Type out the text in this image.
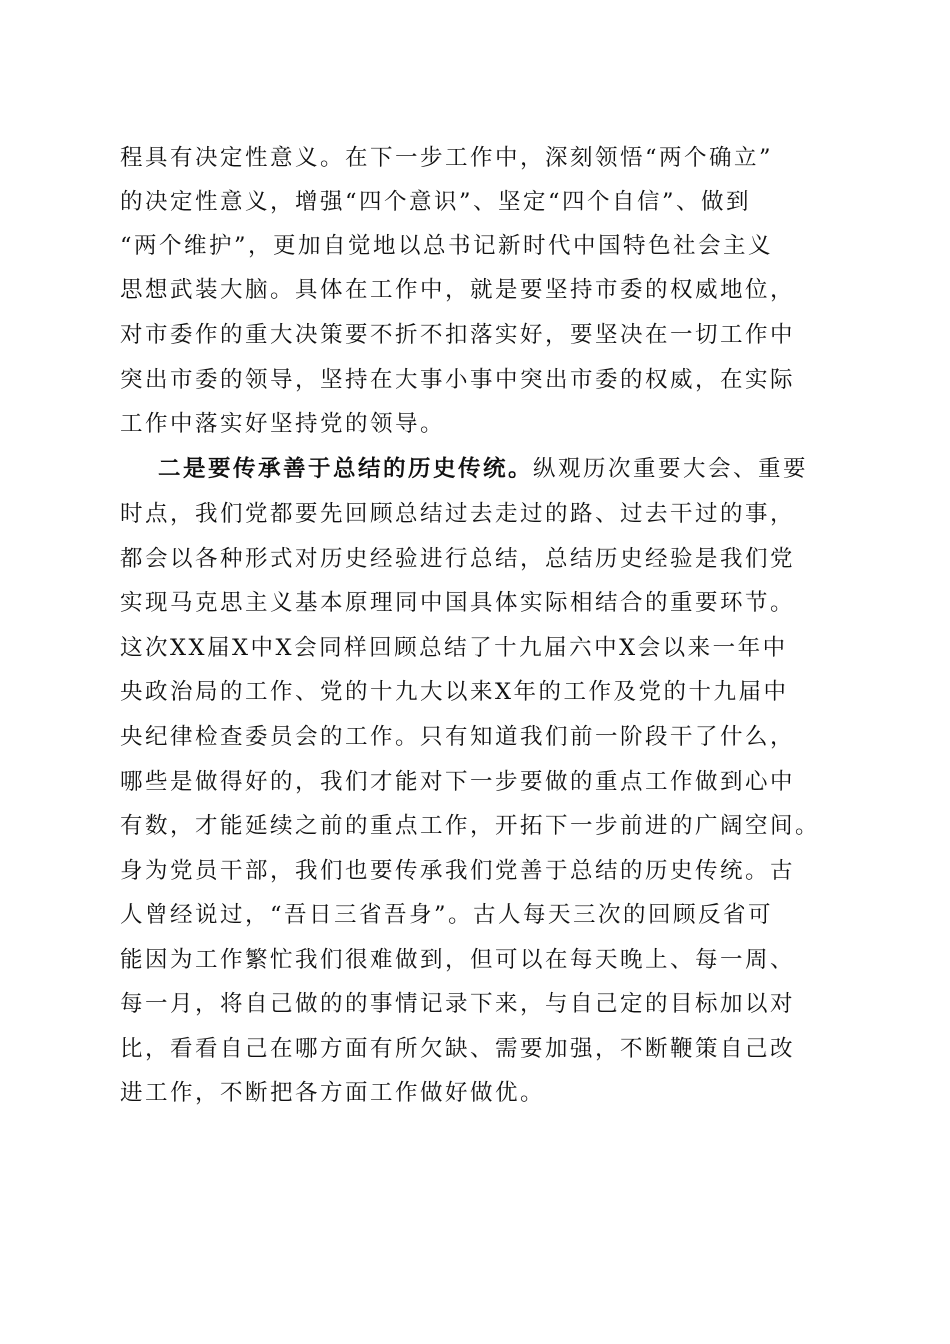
程具有决定性意义。在下一步工作中，深刻领悟“两个确立”
的决定性意义，增强“四个意识”、坚定“四个自信”、做到
“两个维护”，更加自觉地以总书记新时代中国特色社会主义
思想武装大脑。具体在工作中，就是要坚持市委的权威地位，
对市委作的重大决策要不折不扣落实好，要坚决在一切工作中
突出市委的领导，坚持在大事小事中突出市委的权威，在实际
工作中落实好坚持党的领导。
二是要传承善于总结的历史传统。纵观历次重要大会、重要
时点，我们党都要先回顾总结过去走过的路、过去干过的事，
都会以各种形式对历史经验进行总结，总结历史经验是我们党
实现马克思主义基本原理同中国具体实际相结合的重要环节。
这次XX届X中X会同样回顾总结了十九届六中X会以来一年中
央政治局的工作、党的十九大以来X年的工作及党的十九届中
央纪律检查委员会的工作。只有知道我们前一阶段干了什么，
哪些是做得好的，我们才能对下一步要做的重点工作做到心中
有数，才能延续之前的重点工作，开拓下一步前进的广阔空间。
身为党员干部，我们也要传承我们党善于总结的历史传统。古
人曾经说过，“吾日三省吾身”。古人每天三次的回顾反省可
能因为工作繁忙我们很难做到，但可以在每天晚上、每一周、
每一月，将自己做的的事情记录下来，与自己定的目标加以对
比，看看自己在哪方面有所欠缺、需要加强，不断鞭策自己改
进工作，不断把各方面工作做好做优。
